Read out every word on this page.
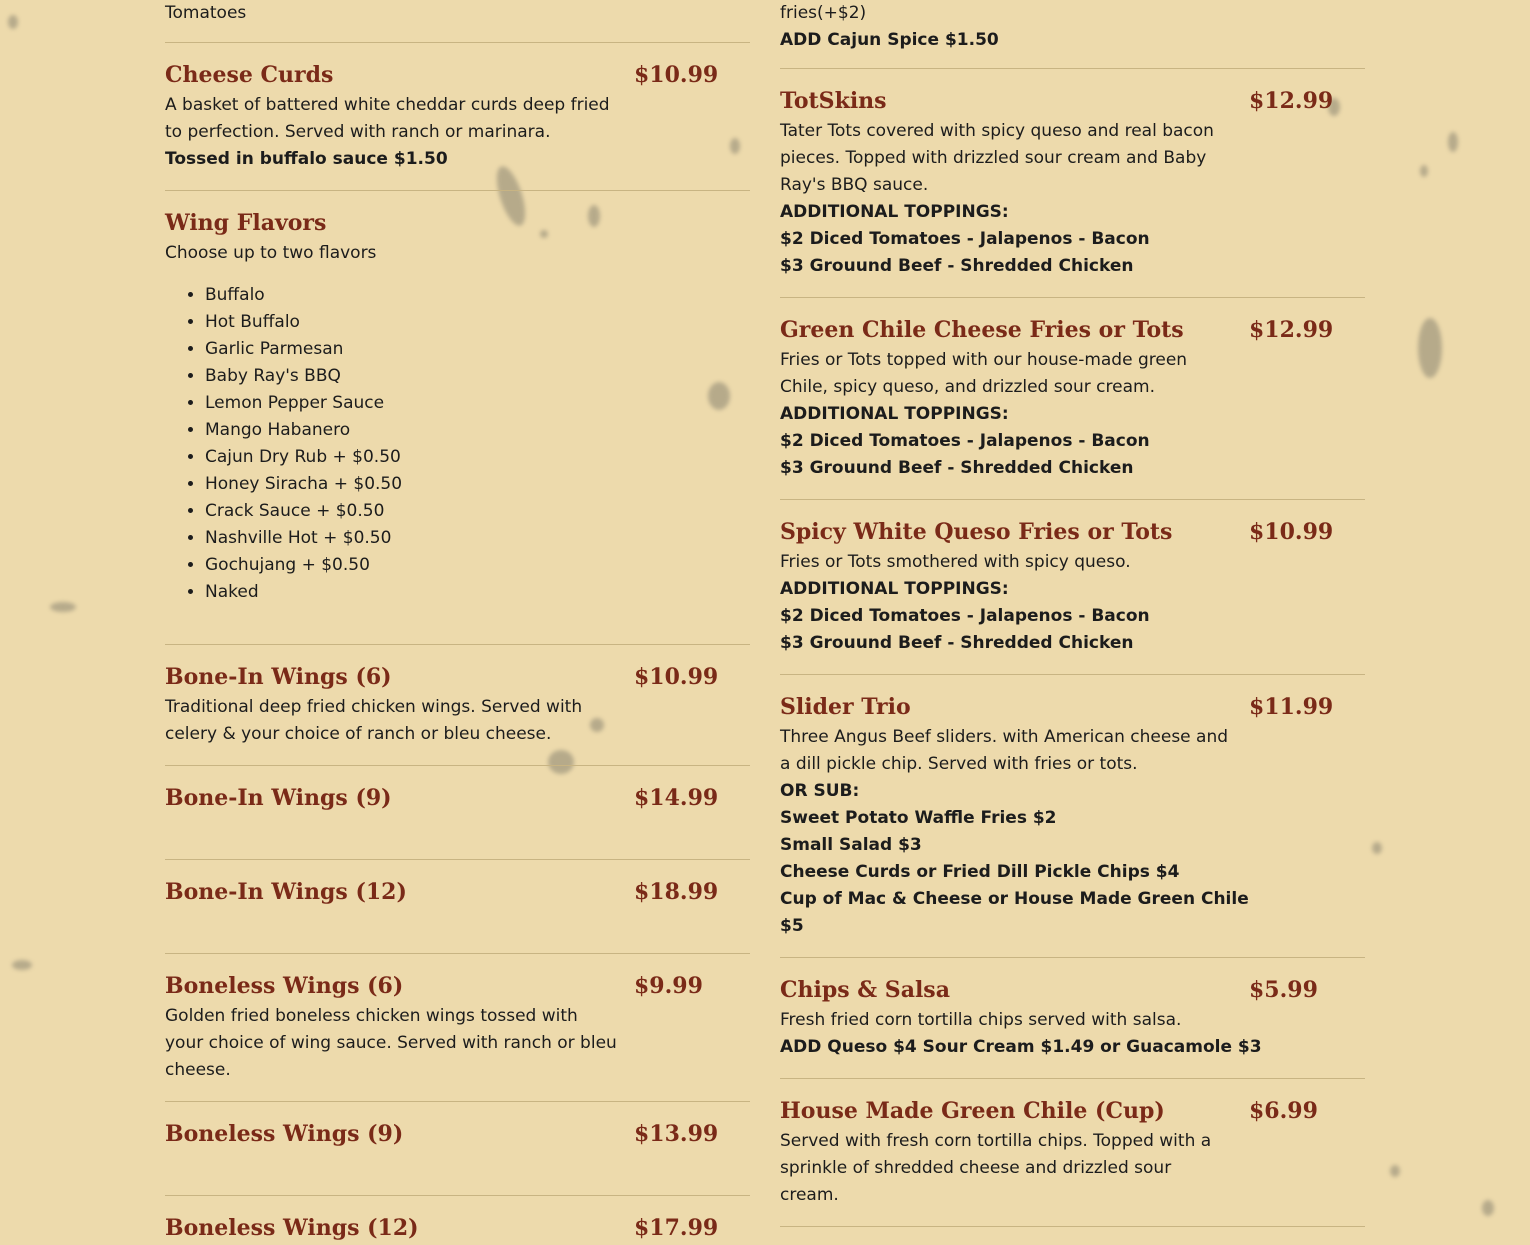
Tomatoes
Cheese Curds	$10.99
A basket of battered white cheddar curds deep fried to perfection. Served with ranch or marinara.
Tossed in buffalo sauce $1.50
Wing Flavors
Choose up to two flavors
• Buffalo
• Hot Buffalo
• Garlic Parmesan
• Baby Ray's BBQ
• Lemon Pepper Sauce
• Mango Habanero
• Cajun Dry Rub + $0.50
• Honey Siracha + $0.50
• Crack Sauce + $0.50
• Nashville Hot + $0.50
• Gochujang + $0.50
• Naked
Bone-In Wings (6)	$10.99
Traditional deep fried chicken wings. Served with celery & your choice of ranch or bleu cheese.
Bone-In Wings (9)	$14.99
Bone-In Wings (12)	$18.99
Boneless Wings (6)	$9.99
Golden fried boneless chicken wings tossed with your choice of wing sauce. Served with ranch or bleu cheese.
Boneless Wings (9)	$13.99
Boneless Wings (12)	$17.99
fries(+$2)
ADD Cajun Spice $1.50
TotSkins	$12.99
Tater Tots covered with spicy queso and real bacon pieces. Topped with drizzled sour cream and Baby Ray's BBQ sauce.
ADDITIONAL TOPPINGS:
$2 Diced Tomatoes - Jalapenos - Bacon
$3 Grouund Beef - Shredded Chicken
Green Chile Cheese Fries or Tots	$12.99
Fries or Tots topped with our house-made green Chile, spicy queso, and drizzled sour cream.
ADDITIONAL TOPPINGS:
$2 Diced Tomatoes - Jalapenos - Bacon
$3 Grouund Beef - Shredded Chicken
Spicy White Queso Fries or Tots	$10.99
Fries or Tots smothered with spicy queso.
ADDITIONAL TOPPINGS:
$2 Diced Tomatoes - Jalapenos - Bacon
$3 Grouund Beef - Shredded Chicken
Slider Trio	$11.99
Three Angus Beef sliders. with American cheese and a dill pickle chip. Served with fries or tots.
OR SUB:
Sweet Potato Waffle Fries $2
Small Salad $3
Cheese Curds or Fried Dill Pickle Chips $4
Cup of Mac & Cheese or House Made Green Chile
$5
Chips & Salsa	$5.99
Fresh fried corn tortilla chips served with salsa.
ADD Queso $4 Sour Cream $1.49 or Guacamole $3
House Made Green Chile (Cup)	$6.99
Served with fresh corn tortilla chips. Topped with a sprinkle of shredded cheese and drizzled sour cream.
